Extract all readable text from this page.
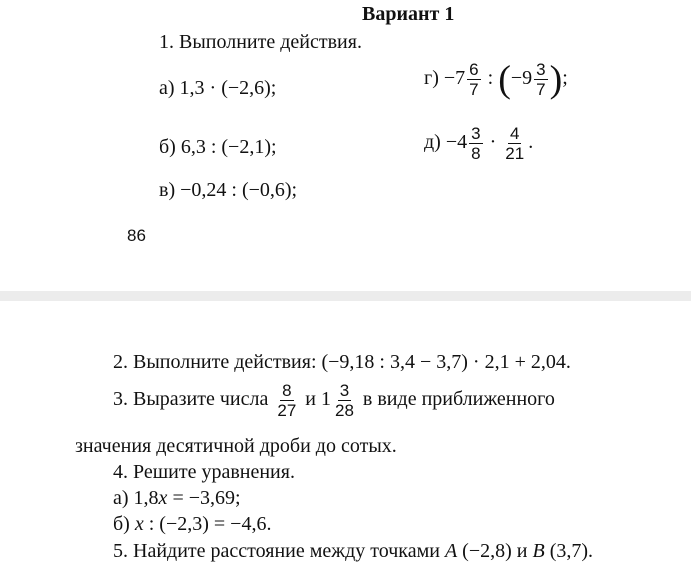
Вариант 1
1. Выполните действия.
а) 1,3 · (−2,6);
б) 6,3 : (−2,1);
в) −0,24 : (−0,6);
$г) -7 \frac{6}{7}$ : ($-9 \frac{3}{7}$ );
$д) -4 \frac{3}{8} \cdot \frac{4}{21}$ .
86
2. Выполните действия: (−9,18 : 3,4 − 3,7) · 2,1 + 2,04.
3. Выразите числа $\frac{8}{27}$ и $1 \frac{3}{28}$ в виде приближенного
значения десятичной дроби до сотых.
4. Решите уравнения.
а) 1,8x = −3,69;
б) x : (−2,3) = −4,6.
5. Найдите расстояние между точками A (−2,8) и B (3,7).
